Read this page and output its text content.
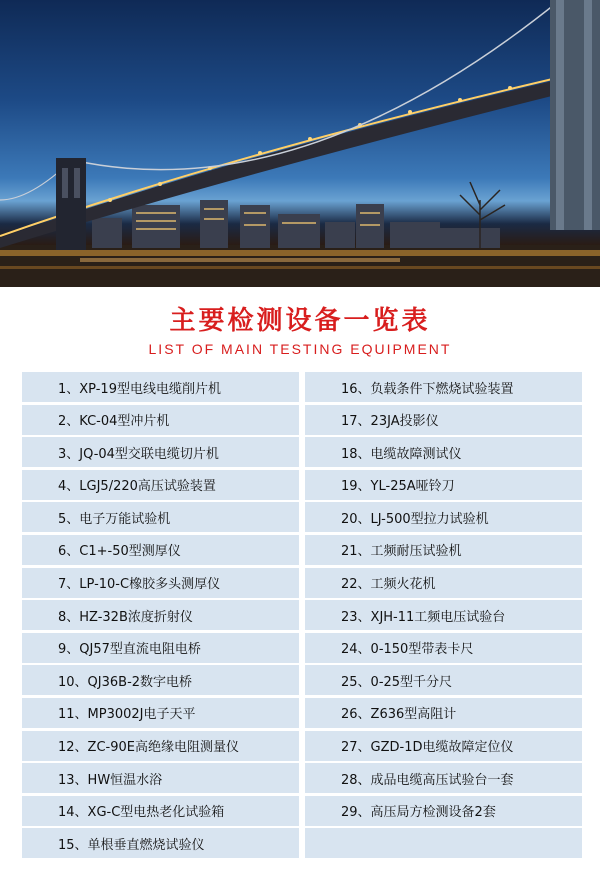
主要检测设备一览表
LIST OF MAIN TESTING EQUIPMENT
1、XP-19型电线电缆削片机	16、负载条件下燃烧试验装置
2、KC-04型冲片机	17、23JA投影仪
3、JQ-04型交联电缆切片机	18、电缆故障测试仪
4、LGJ5/220高压试验装置	19、YL-25A哑铃刀
5、电子万能试验机	20、LJ-500型拉力试验机
6、C1+-50型测厚仪	21、工频耐压试验机
7、LP-10-C橡胶多头测厚仪	22、工频火花机
8、HZ-32B浓度折射仪	23、XJH-11工频电压试验台
9、QJ57型直流电阻电桥	24、0-150型带表卡尺
10、QJ36B-2数字电桥	25、0-25型千分尺
11、MP3002J电子天平	26、Z636型高阻计
12、ZC-90E高绝缘电阻测量仪	27、GZD-1D电缆故障定位仪
13、HW恒温水浴	28、成品电缆高压试验台一套
14、XG-C型电热老化试验箱	29、高压局方检测设备2套
15、单根垂直燃烧试验仪
